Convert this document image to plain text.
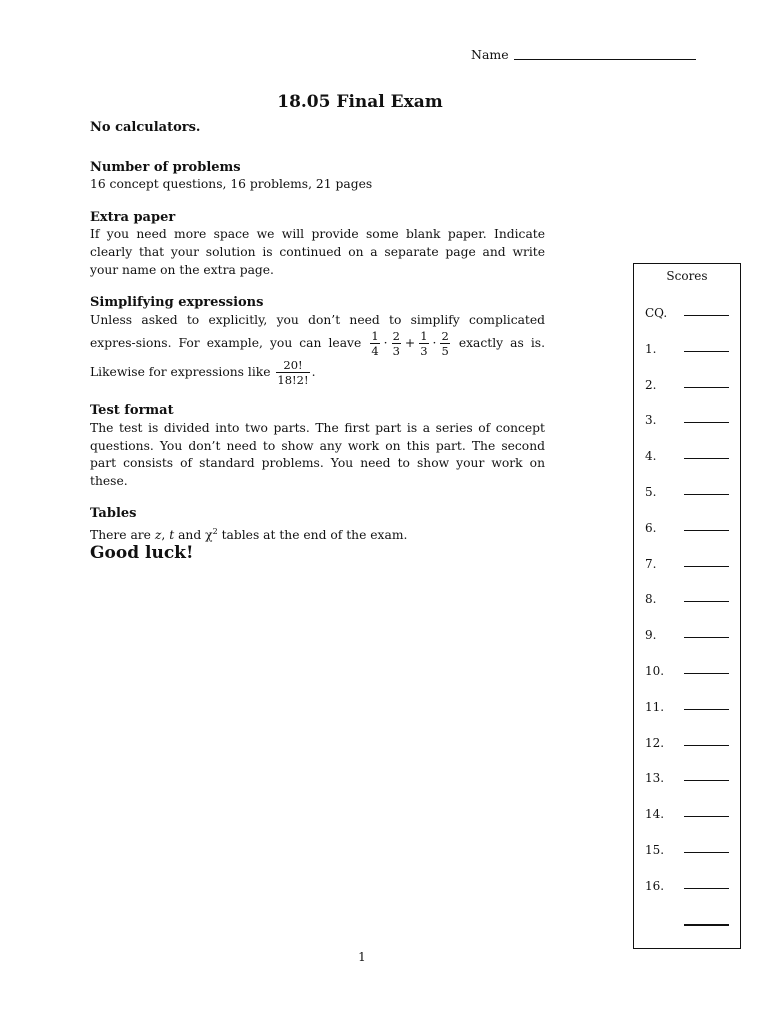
Name
18.05 Final Exam

No calculators.

Number of problems

16 concept questions, 16 problems, 21 pages

Extra paper

If you need more space we will provide some blank paper. Indicate clearly that your solution is continued on a separate page and write your name on the extra page.

Simplifying expressions

Unless asked to explicitly, you don’t need to simplify complicated expres-sions. For example, you can leave $\frac{1}{4} \cdot \frac{2}{3} + \frac{1}{3} \cdot \frac{2}{5}$ exactly as is. Likewise for expressions like $\frac{20!}{18!2!}$ .

Test format

The test is divided into two parts. The first part is a series of concept questions. You don’t need to show any work on this part. The second part consists of standard problems. You need to show your work on these.

Tables

There are z, t and $\chi^2$ tables at the end of the exam.

Good luck!

Scores
CQ.
1.
2.
3.
4.
5.
6.
7.
8.
9.
10.
11.
12.
13.
14.
15.
16.
1
